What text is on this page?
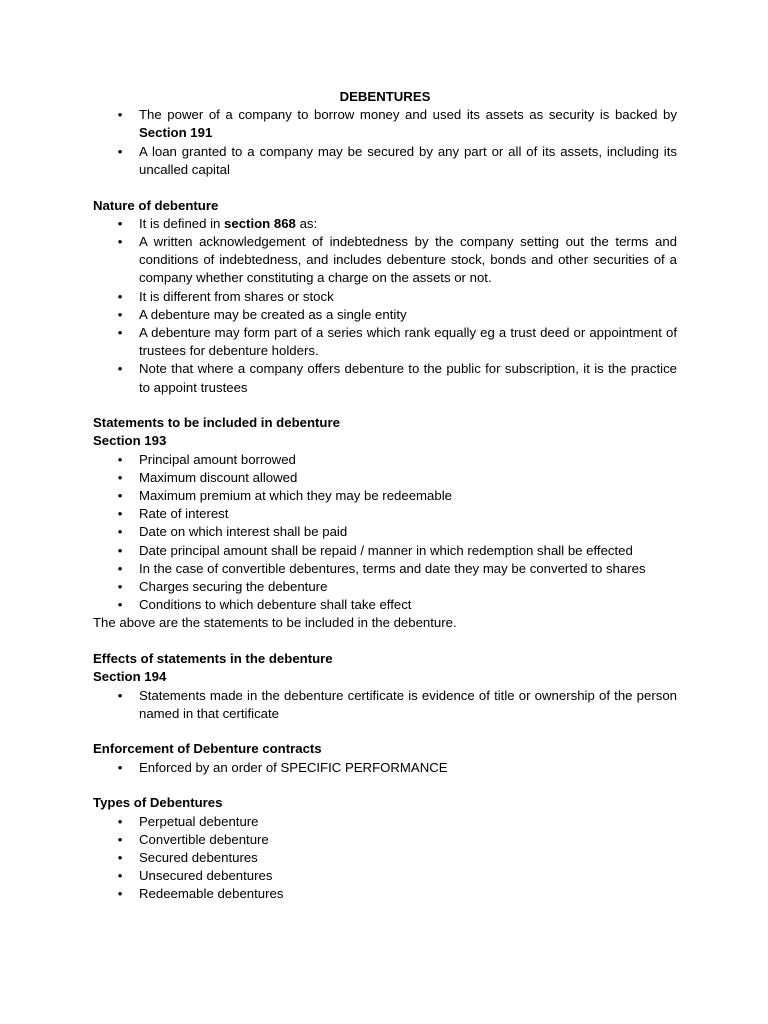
DEBENTURES

• The power of a company to borrow money and used its assets as security is backed by Section 191
• A loan granted to a company may be secured by any part or all of its assets, including its uncalled capital

Nature of debenture

• It is defined in section 868 as:
• A written acknowledgement of indebtedness by the company setting out the terms and conditions of indebtedness, and includes debenture stock, bonds and other securities of a company whether constituting a charge on the assets or not.
• It is different from shares or stock
• A debenture may be created as a single entity
• A debenture may form part of a series which rank equally eg a trust deed or appointment of trustees for debenture holders.
• Note that where a company offers debenture to the public for subscription, it is the practice to appoint trustees

Statements to be included in debenture

Section 193

• Principal amount borrowed
• Maximum discount allowed
• Maximum premium at which they may be redeemable
• Rate of interest
• Date on which interest shall be paid
• Date principal amount shall be repaid / manner in which redemption shall be effected
• In the case of convertible debentures, terms and date they may be converted to shares
• Charges securing the debenture
• Conditions to which debenture shall take effect

The above are the statements to be included in the debenture.

Effects of statements in the debenture

Section 194

• Statements made in the debenture certificate is evidence of title or ownership of the person named in that certificate

Enforcement of Debenture contracts

• Enforced by an order of SPECIFIC PERFORMANCE

Types of Debentures

• Perpetual debenture
• Convertible debenture
• Secured debentures
• Unsecured debentures
• Redeemable debentures
